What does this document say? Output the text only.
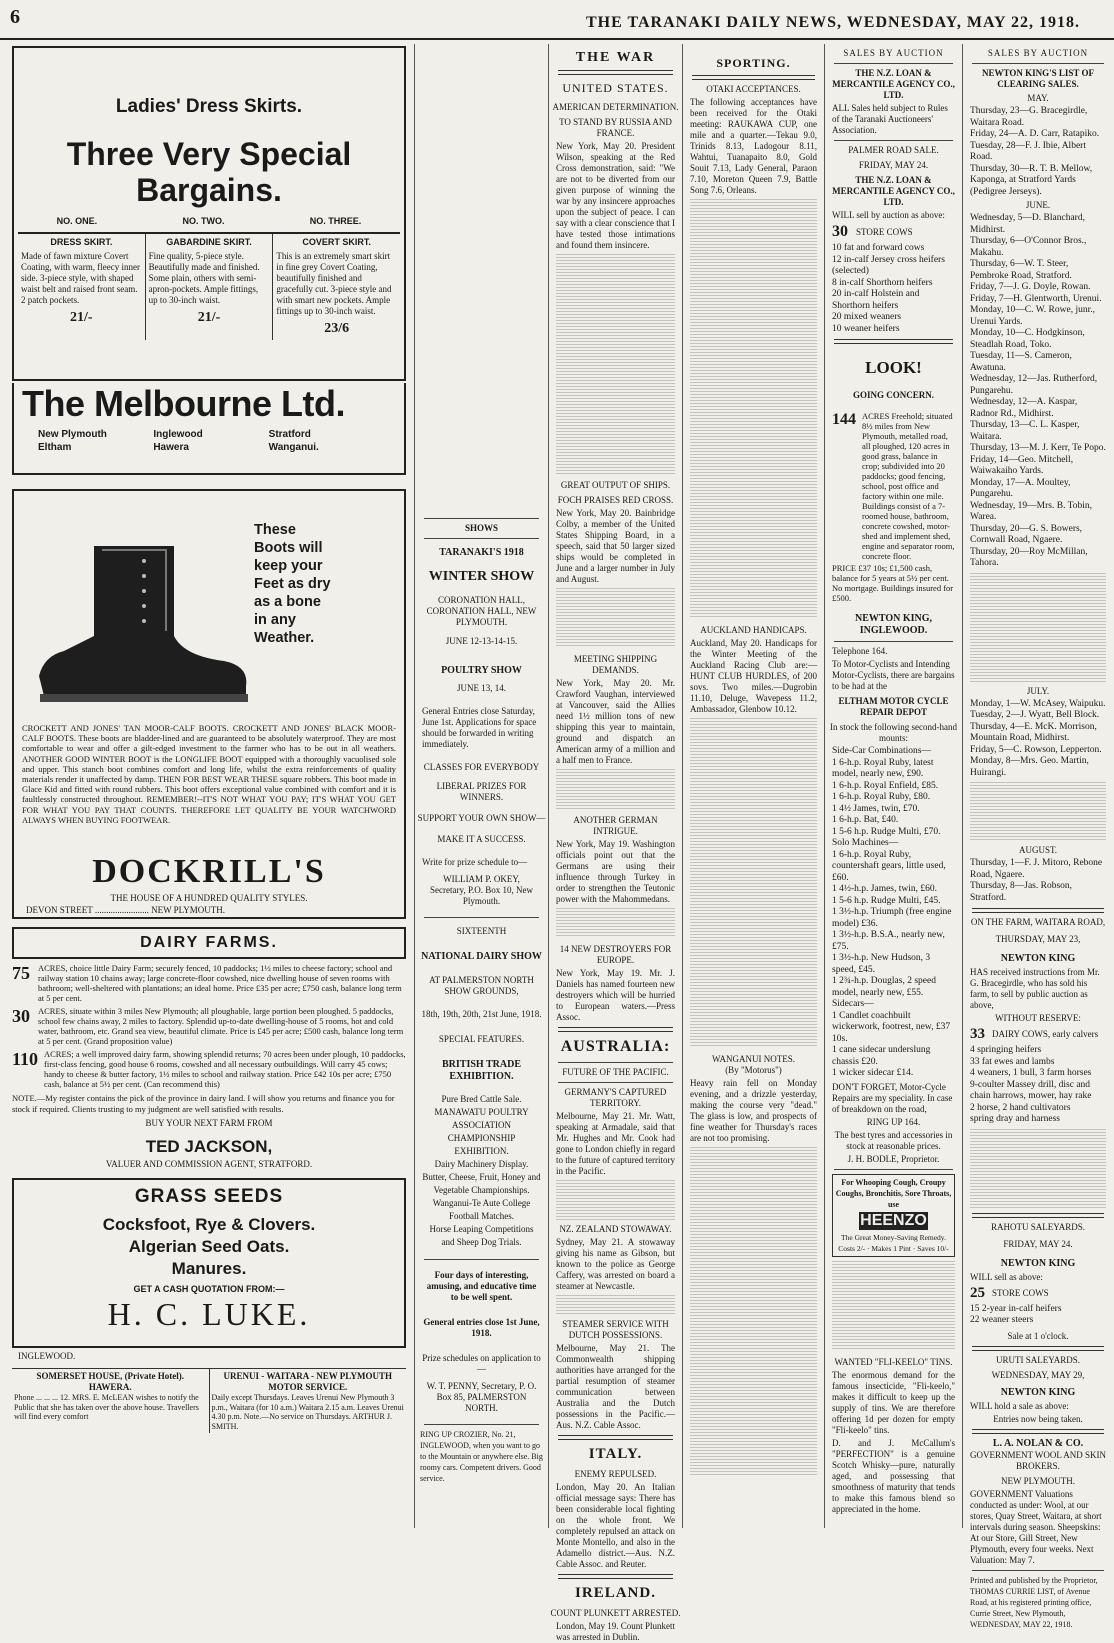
6	THE TARANAKI DAILY NEWS, WEDNESDAY, MAY 22, 1918.
Ladies' Dress Skirts.
Three Very Special Bargains.
NO. ONE.	NO. TWO.	NO. THREE.
DRESS SKIRT.
Made of fawn mixture Covert Coating, with warm, fleecy inner side. 3-piece style, with shaped waist belt and raised front seam. 2 patch pockets.
21/-
GABARDINE SKIRT.
Fine quality, 5-piece style. Beautifully made and finished. Some plain, others with semi-apron-pockets. Ample fittings, up to 30-inch waist.
21/-
COVERT SKIRT.
This is an extremely smart skirt in fine grey Covert Coating, beautifully finished and gracefully cut. 3-piece style and with smart new pockets. Ample fittings up to 30-inch waist.
23/6
The Melbourne Ltd.
New Plymouth	Inglewood	Stratford
Eltham	Hawera	Wanganui.
These
Boots will
keep your
Feet as dry
as a bone
in any
Weather.
CROCKETT AND JONES' TAN MOOR-CALF BOOTS. CROCKETT AND JONES' BLACK MOOR-CALF BOOTS. These boots are bladder-lined and are guaranteed to be absolutely waterproof. They are most comfortable to wear and offer a gilt-edged investment to the farmer who has to be out in all weathers. ANOTHER GOOD WINTER BOOT is the LONGLIFE BOOT equipped with a thoroughly vacuolised sole and upper. This stanch boot combines comfort and long life, whilst the extra reinforcements of quality materials render it unaffected by damp. THEN FOR BEST WEAR THESE square robbers. This boot made in Glace Kid and fitted with round rubbers. This boot offers exceptional value combined with comfort and it is faultlessly constructed throughout. REMEMBER!--IT'S NOT WHAT YOU PAY; IT'S WHAT YOU GET FOR WHAT YOU PAY THAT COUNTS. THEREFORE LET QUALITY BE YOUR WATCHWORD ALWAYS WHEN BUYING FOOTWEAR.
DOCKRILL'S
THE HOUSE OF A HUNDRED QUALITY STYLES.
DEVON STREET ........................ NEW PLYMOUTH.
DAIRY FARMS.
75 ACRES, choice little Dairy Farm; securely fenced, 10 paddocks; 1½ miles to cheese factory; school and railway station 10 chains away; large concrete-floor cowshed, nice dwelling house of seven rooms with bathroom; well-sheltered with plantations; an ideal home. Price £35 per acre; £750 cash, balance long term at 5 per cent.
30 ACRES, situate within 3 miles New Plymouth; all ploughable, large portion been ploughed. 5 paddocks, school few chains away, 2 miles to factory. Splendid up-to-date dwelling-house of 5 rooms, hot and cold water, bathroom, etc. Grand sea view, beautiful climate. Price is £45 per acre; £500 cash, balance long term at 5 per cent. (Grand proposition value)
110 ACRES; a well improved dairy farm, showing splendid returns; 70 acres been under plough, 10 paddocks, first-class fencing, good house 6 rooms, cowshed and all necessary outbuildings. Will carry 45 cows; handy to cheese & butter factory, 1½ miles to school and railway station. Price £42 10s per acre; £750 cash, balance at 5½ per cent. (Can recommend this)
NOTE.—My register contains the pick of the province in dairy land. I will show you returns and finance you for stock if required. Clients trusting to my judgment are well satisfied with results.
BUY YOUR NEXT FARM FROM
TED JACKSON,
VALUER AND COMMISSION AGENT, STRATFORD.
GRASS SEEDS
Cocksfoot, Rye & Clovers.
Algerian Seed Oats.
Manures.
GET A CASH QUOTATION FROM:—
H. C. LUKE.
INGLEWOOD.
SOMERSET HOUSE, (Private Hotel). HAWERA.
Phone ... ... ... 12. MRS. E. McLEAN wishes to notify the Public that she has taken over the above house. Travellers will find every comfort
URENUI - WAITARA - NEW PLYMOUTH MOTOR SERVICE.
Daily except Thursdays. Leaves Urenui New Plymouth 3 p.m., Waitara (for 10 a.m.) Waitara 2.15 a.m. Leaves Urenui 4.30 p.m. Note.—No service on Thursdays. ARTHUR J. SMITH.
SHOWS
TARANAKI'S 1918
WINTER SHOW
CORONATION HALL, CORONATION HALL, NEW PLYMOUTH.
JUNE 12-13-14-15.
POULTRY SHOW
JUNE 13, 14.

General Entries close Saturday, June 1st. Applications for space should be forwarded in writing immediately.

CLASSES FOR EVERYBODY
LIBERAL PRIZES FOR WINNERS.
SUPPORT YOUR OWN SHOW—
MAKE IT A SUCCESS.
Write for prize schedule to—
WILLIAM P. OKEY, Secretary, P.O. Box 10, New Plymouth.
SIXTEENTH
NATIONAL DAIRY SHOW
AT PALMERSTON NORTH SHOW GROUNDS,
18th, 19th, 20th, 21st June, 1918.
SPECIAL FEATURES.
BRITISH TRADE EXHIBITION.
Pure Bred Cattle Sale.
MANAWATU POULTRY ASSOCIATION CHAMPIONSHIP EXHIBITION.
Dairy Machinery Display.
Butter, Cheese, Fruit, Honey and Vegetable Championships.
Wanganui-Te Aute College Football Matches.
Horse Leaping Competitions and Sheep Dog Trials.
Four days of interesting, amusing, and educative time to be well spent.
General entries close 1st June, 1918.
Prize schedules on application to—
W. T. PENNY, Secretary, P. O. Box 85, PALMERSTON NORTH.
RING UP CROZIER, No. 21, INGLEWOOD, when you want to go to the Mountain or anywhere else. Big roomy cars. Competent drivers. Good service.
THE WAR
UNITED STATES.
AMERICAN DETERMINATION.
TO STAND BY RUSSIA AND FRANCE.

New York, May 20. President Wilson, speaking at the Red Cross demonstration, said: "We are not to be diverted from our given purpose of winning the war by any insincere approaches upon the subject of peace. I can say with a clear conscience that I have tested those intimations and found them insincere.

GREAT OUTPUT OF SHIPS.
FOCH PRAISES RED CROSS.

New York, May 20. Bainbridge Colby, a member of the United States Shipping Board, in a speech, said that 50 larger sized ships would be completed in June and a larger number in July and August.

MEETING SHIPPING DEMANDS.

New York, May 20. Mr. Crawford Vaughan, interviewed at Vancouver, said the Allies need 1½ million tons of new shipping this year to maintain, ground and dispatch an American army of a million and a half men to France.

ANOTHER GERMAN INTRIGUE.

New York, May 19. Washington officials point out that the Germans are using their influence through Turkey in order to strengthen the Teutonic power with the Mahommedans.

14 NEW DESTROYERS FOR EUROPE.

New York, May 19. Mr. J. Daniels has named fourteen new destroyers which will be hurried to European waters.—Press Assoc.

AUSTRALIA:
FUTURE OF THE PACIFIC.
GERMANY'S CAPTURED TERRITORY.

Melbourne, May 21. Mr. Watt, speaking at Armadale, said that Mr. Hughes and Mr. Cook had gone to London chiefly in regard to the future of captured territory in the Pacific.

NZ. ZEALAND STOWAWAY.

Sydney, May 21. A stowaway giving his name as Gibson, but known to the police as George Caffery, was arrested on board a steamer at Newcastle.

STEAMER SERVICE WITH DUTCH POSSESSIONS.

Melbourne, May 21. The Commonwealth shipping authorities have arranged for the partial resumption of steamer communication between Australia and the Dutch possessions in the Pacific.—Aus. N.Z. Cable Assoc.

ITALY.
ENEMY REPULSED.

London, May 20. An Italian official message says: There has been considerable local fighting on the whole front. We completely repulsed an attack on Monte Montello, and also in the Adamello district.—Aus. N.Z. Cable Assoc. and Reuter.

IRELAND.
COUNT PLUNKETT ARRESTED.

London, May 19. Count Plunkett was arrested in Dublin.

SPORTING.
OTAKI ACCEPTANCES.

The following acceptances have been received for the Otaki meeting: RAUKAWA CUP, one mile and a quarter.—Tekau 9.0, Trinids 8.13, Ladogour 8.11, Wahtui, Tuanapaito 8.0, Gold Souit 7.13, Lady General, Paraon 7.10, Moreton Queen 7.9, Battle Song 7.6, Orleans.

AUCKLAND HANDICAPS.

Auckland, May 20. Handicaps for the Winter Meeting of the Auckland Racing Club are:— HUNT CLUB HURDLES, of 200 sovs. Two miles.—Dugrobin 11.10, Deluge, Wavepess 11.2, Ambassador, Glenbow 10.12.

WANGANUI NOTES.
(By "Motorus")

Heavy rain fell on Monday evening, and a drizzle yesterday, making the course very "dead." The glass is low, and prospects of fine weather for Thursday's races are not too promising.

SALES BY AUCTION
THE N.Z. LOAN & MERCANTILE AGENCY CO., LTD.

ALL Sales held subject to Rules of the Taranaki Auctioneers' Association.

PALMER ROAD SALE.
FRIDAY, MAY 24.
THE N.Z. LOAN & MERCANTILE AGENCY CO., LTD.

WILL sell by auction as above:

30 STORE COWS
10 fat and forward cows
12 in-calf Jersey cross heifers (selected)
8 in-calf Shorthorn heifers
20 in-calf Holstein and Shorthorn heifers
20 mixed weaners
10 weaner heifers
LOOK!
GOING CONCERN.
144 ACRES Freehold; situated 8½ miles from New Plymouth, metalled road, all ploughed, 120 acres in good grass, balance in crop; subdivided into 20 paddocks; good fencing, school, post office and factory within one mile. Buildings consist of a 7-roomed house, bathroom, concrete cowshed, motor-shed and implement shed, engine and separator room, concrete floor.

PRICE £37 10s; £1,500 cash, balance for 5 years at 5½ per cent. No mortgage. Buildings insured for £500.

NEWTON KING, INGLEWOOD.
Telephone 164.

To Motor-Cyclists and Intending Motor-Cyclists, there are bargains to be had at the

ELTHAM MOTOR CYCLE REPAIR DEPOT
In stock the following second-hand mounts:
Side-Car Combinations—
1 6-h.p. Royal Ruby, latest model, nearly new, £90.
1 6-h.p. Royal Enfield, £85.
1 6-h.p. Royal Ruby, £80.
1 4½ James, twin, £70.
1 6-h.p. Bat, £40.
1 5-6 h.p. Rudge Multi, £70.
Solo Machines—
1 6-h.p. Royal Ruby, countershaft gears, little used, £60.
1 4½-h.p. James, twin, £60.
1 5-6 h.p. Rudge Multi, £45.
1 3½-h.p. Triumph (free engine model) £36.
1 3½-h.p. B.S.A., nearly new, £75.
1 3½-h.p. New Hudson, 3 speed, £45.
1 2¾-h.p. Douglas, 2 speed model, nearly new, £55.
Sidecars—
1 Candlet coachbuilt wickerwork, footrest, new, £37 10s.
1 cane sidecar underslung chassis £20.
1 wicker sidecar £14.

DON'T FORGET, Motor-Cycle Repairs are my speciality. In case of breakdown on the road,

RING UP 164.

The best tyres and accessories in stock at reasonable prices.

J. H. BODLE, Proprietor.
For Whooping Cough, Croupy Coughs, Bronchitis, Sore Throats, use
HEENZO
The Great Money-Saving Remedy. Costs 2/- · Makes 1 Pint · Saves 10/-
WANTED "FLI-KEELO" TINS.

The enormous demand for the famous insecticide, "Fli-keelo," makes it difficult to keep up the supply of tins. We are therefore offering 1d per dozen for empty "Fli-keelo" tins.

D. and J. McCallum's "PERFECTION" is a genuine Scotch Whisky—pure, naturally aged, and possessing that smoothness of maturity that tends to make this famous blend so appreciated in the home.

SALES BY AUCTION
NEWTON KING'S LIST OF CLEARING SALES.
MAY.
Thursday, 23—G. Bracegirdle, Waitara Road.
Friday, 24—A. D. Carr, Ratapiko.
Tuesday, 28—F. J. Ibie, Albert Road.
Thursday, 30—R. T. B. Mellow, Kaponga, at Stratford Yards (Pedigree Jerseys).
JUNE.
Wednesday, 5—D. Blanchard, Midhirst.
Thursday, 6—O'Connor Bros., Makahu.
Thursday, 6—W. T. Steer, Pembroke Road, Stratford.
Friday, 7—J. G. Doyle, Rowan.
Friday, 7—H. Glentworth, Urenui.
Monday, 10—C. W. Rowe, junr., Urenui Yards.
Monday, 10—C. Hodgkinson, Steadlah Road, Toko.
Tuesday, 11—S. Cameron, Awatuna.
Wednesday, 12—Jas. Rutherford, Pungarehu.
Wednesday, 12—A. Kaspar, Radnor Rd., Midhirst.
Thursday, 13—C. L. Kasper, Waitara.
Thursday, 13—M. J. Kerr, Te Popo.
Friday, 14—Geo. Mitchell, Waiwakaiho Yards.
Monday, 17—A. Moultey, Pungarehu.
Wednesday, 19—Mrs. B. Tobin, Warea.
Thursday, 20—G. S. Bowers, Cornwall Road, Ngaere.
Thursday, 20—Roy McMillan, Tahora.
JULY.
Monday, 1—W. McAsey, Waipuku.
Tuesday, 2—J. Wyatt, Bell Block.
Thursday, 4—E. McK. Morrison, Mountain Road, Midhirst.
Friday, 5—C. Rowson, Lepperton.
Monday, 8—Mrs. Geo. Martin, Huirangi.
AUGUST.
Thursday, 1—F. J. Mitoro, Rebone Road, Ngaere.
Thursday, 8—Jas. Robson, Stratford.
ON THE FARM, WAITARA ROAD,
THURSDAY, MAY 23,
NEWTON KING

HAS received instructions from Mr. G. Bracegirdle, who has sold his farm, to sell by public auction as above,

WITHOUT RESERVE:
33 DAIRY COWS, early calvers
4 springing heifers
33 fat ewes and lambs
4 weaners, 1 bull, 3 farm horses
9-coulter Massey drill, disc and chain harrows, mower, hay rake
2 horse, 2 hand cultivators
spring dray and harness
RAHOTU SALEYARDS.
FRIDAY, MAY 24.
NEWTON KING

WILL sell as above:

25 STORE COWS
15 2-year in-calf heifers
22 weaner steers
Sale at 1 o'clock.
URUTI SALEYARDS.
WEDNESDAY, MAY 29,
NEWTON KING

WILL hold a sale as above:

Entries now being taken.
L. A. NOLAN & CO.
GOVERNMENT WOOL AND SKIN BROKERS.
NEW PLYMOUTH.

GOVERNMENT Valuations conducted as under: Wool, at our stores, Quay Street, Waitara, at short intervals during season. Sheepskins: At our Store, Gill Street, New Plymouth, every four weeks. Next Valuation: May 7.

Printed and published by the Proprietor, THOMAS CURRIE LIST, of Avenue Road, at his registered printing office, Currie Street, New Plymouth, WEDNESDAY, MAY 22, 1918.
